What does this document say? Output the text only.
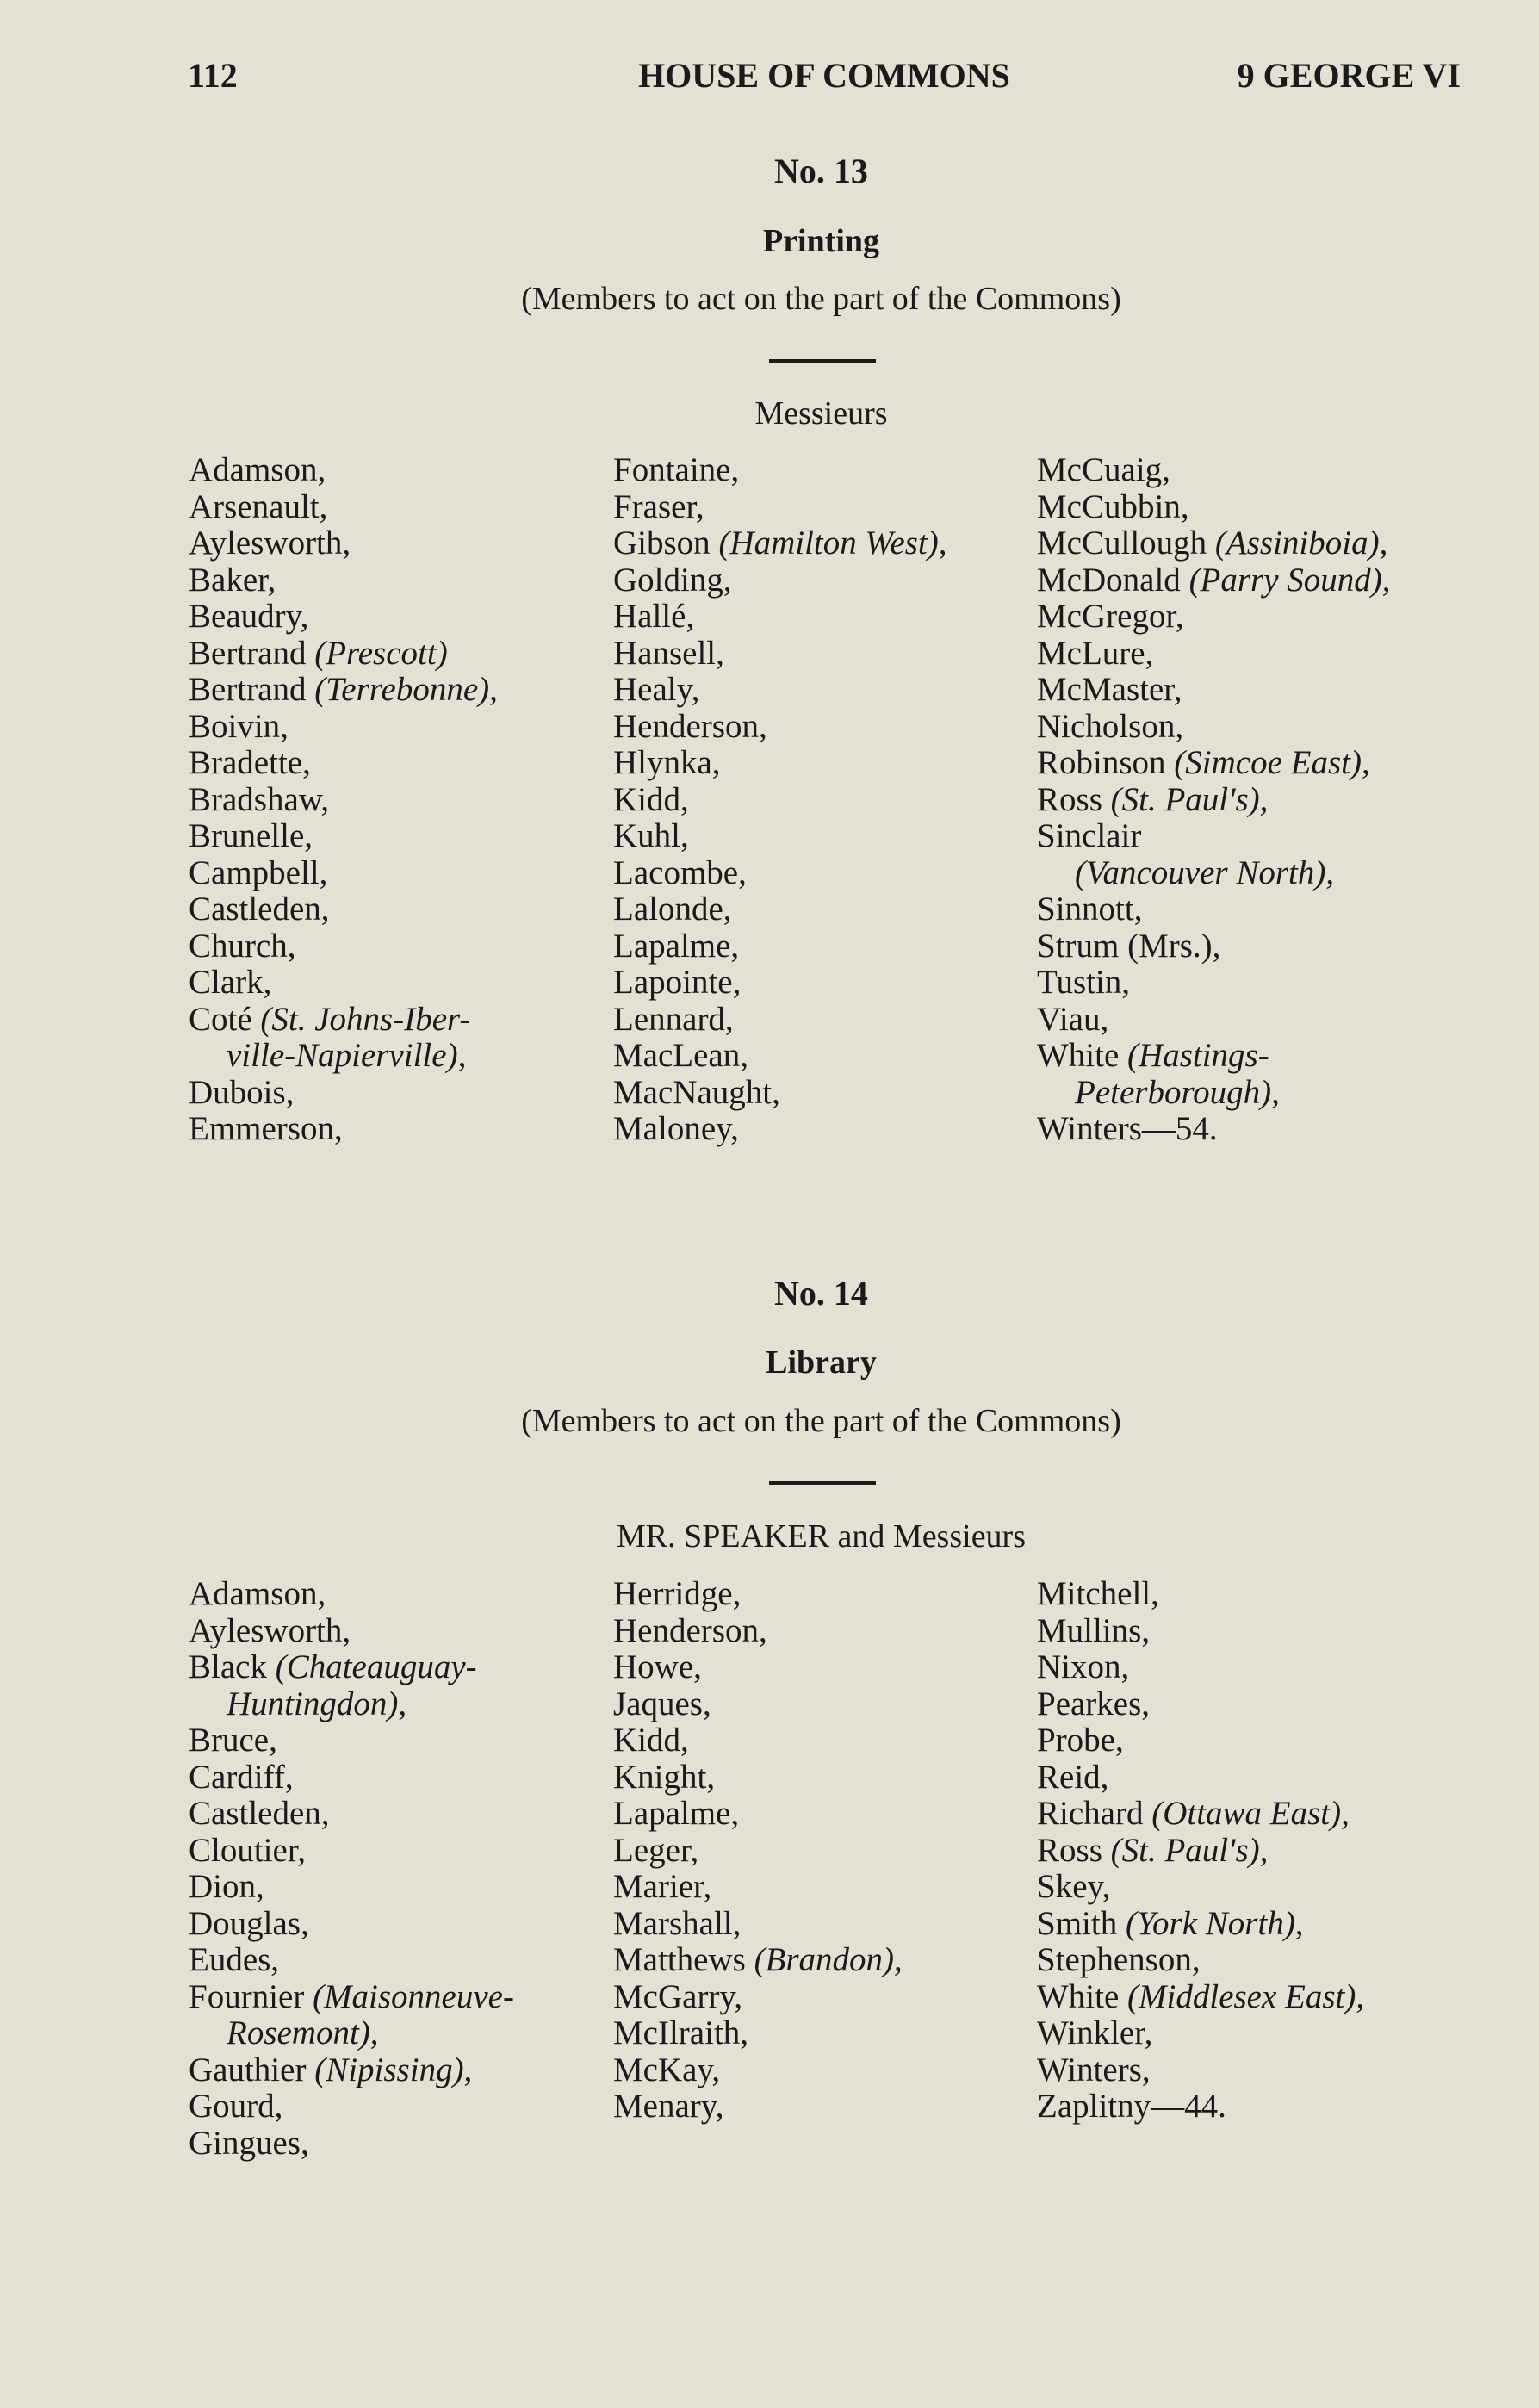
HOUSE OF COMMONS
112	9 GEORGE VI
No. 13
Printing
(Members to act on the part of the Commons)
Messieurs
Adamson,
Arsenault,
Aylesworth,
Baker,
Beaudry,
Bertrand (Prescott)
Bertrand (Terrebonne),
Boivin,
Bradette,
Bradshaw,
Brunelle,
Campbell,
Castleden,
Church,
Clark,
Coté (St. Johns-Iber-
ville-Napierville),
Dubois,
Emmerson,
Fontaine,
Fraser,
Gibson (Hamilton West),
Golding,
Hallé,
Hansell,
Healy,
Henderson,
Hlynka,
Kidd,
Kuhl,
Lacombe,
Lalonde,
Lapalme,
Lapointe,
Lennard,
MacLean,
MacNaught,
Maloney,
McCuaig,
McCubbin,
McCullough (Assiniboia),
McDonald (Parry Sound),
McGregor,
McLure,
McMaster,
Nicholson,
Robinson (Simcoe East),
Ross (St. Paul's),
Sinclair
(Vancouver North),
Sinnott,
Strum (Mrs.),
Tustin,
Viau,
White (Hastings-
Peterborough),
Winters—54.
No. 14
Library
(Members to act on the part of the Commons)
MR. SPEAKER and Messieurs
Adamson,
Aylesworth,
Black (Chateauguay-
Huntingdon),
Bruce,
Cardiff,
Castleden,
Cloutier,
Dion,
Douglas,
Eudes,
Fournier (Maisonneuve-
Rosemont),
Gauthier (Nipissing),
Gourd,
Gingues,
Herridge,
Henderson,
Howe,
Jaques,
Kidd,
Knight,
Lapalme,
Leger,
Marier,
Marshall,
Matthews (Brandon),
McGarry,
McIlraith,
McKay,
Menary,
Mitchell,
Mullins,
Nixon,
Pearkes,
Probe,
Reid,
Richard (Ottawa East),
Ross (St. Paul's),
Skey,
Smith (York North),
Stephenson,
White (Middlesex East),
Winkler,
Winters,
Zaplitny—44.
